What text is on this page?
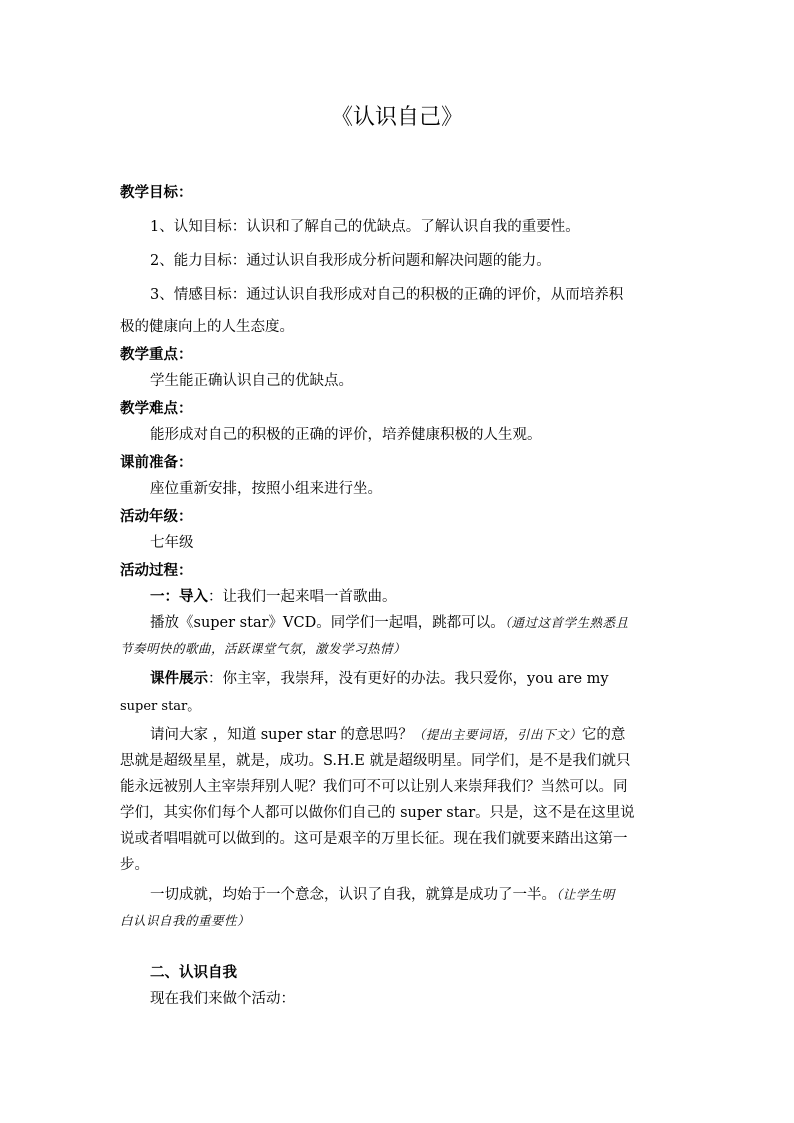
《认识自己》
教学目标：
1、认知目标：认识和了解自己的优缺点。了解认识自我的重要性。
2、能力目标：通过认识自我形成分析问题和解决问题的能力。
3、情感目标：通过认识自我形成对自己的积极的正确的评价，从而培养积
极的健康向上的人生态度。
教学重点：
学生能正确认识自己的优缺点。
教学难点：
能形成对自己的积极的正确的评价，培养健康积极的人生观。
课前准备：
座位重新安排，按照小组来进行坐。
活动年级：
七年级
活动过程：
一：导入：让我们一起来唱一首歌曲。
播放《super star》VCD。同学们一起唱，跳都可以。（通过这首学生熟悉且
节奏明快的歌曲，活跃课堂气氛，激发学习热情）
课件展示：你主宰，我崇拜，没有更好的办法。我只爱你，you are my
super star。
请问大家 ，知道 super star 的意思吗？（提出主要词语，引出下文）它的意
思就是超级星星，就是，成功。S.H.E 就是超级明星。同学们，是不是我们就只
能永远被别人主宰崇拜别人呢？我们可不可以让别人来崇拜我们？当然可以。同
学们，其实你们每个人都可以做你们自己的 super star。只是，这不是在这里说
说或者唱唱就可以做到的。这可是艰辛的万里长征。现在我们就要来踏出这第一
步。
一切成就，均始于一个意念，认识了自我，就算是成功了一半。（让学生明
白认识自我的重要性）
二、认识自我
现在我们来做个活动：
